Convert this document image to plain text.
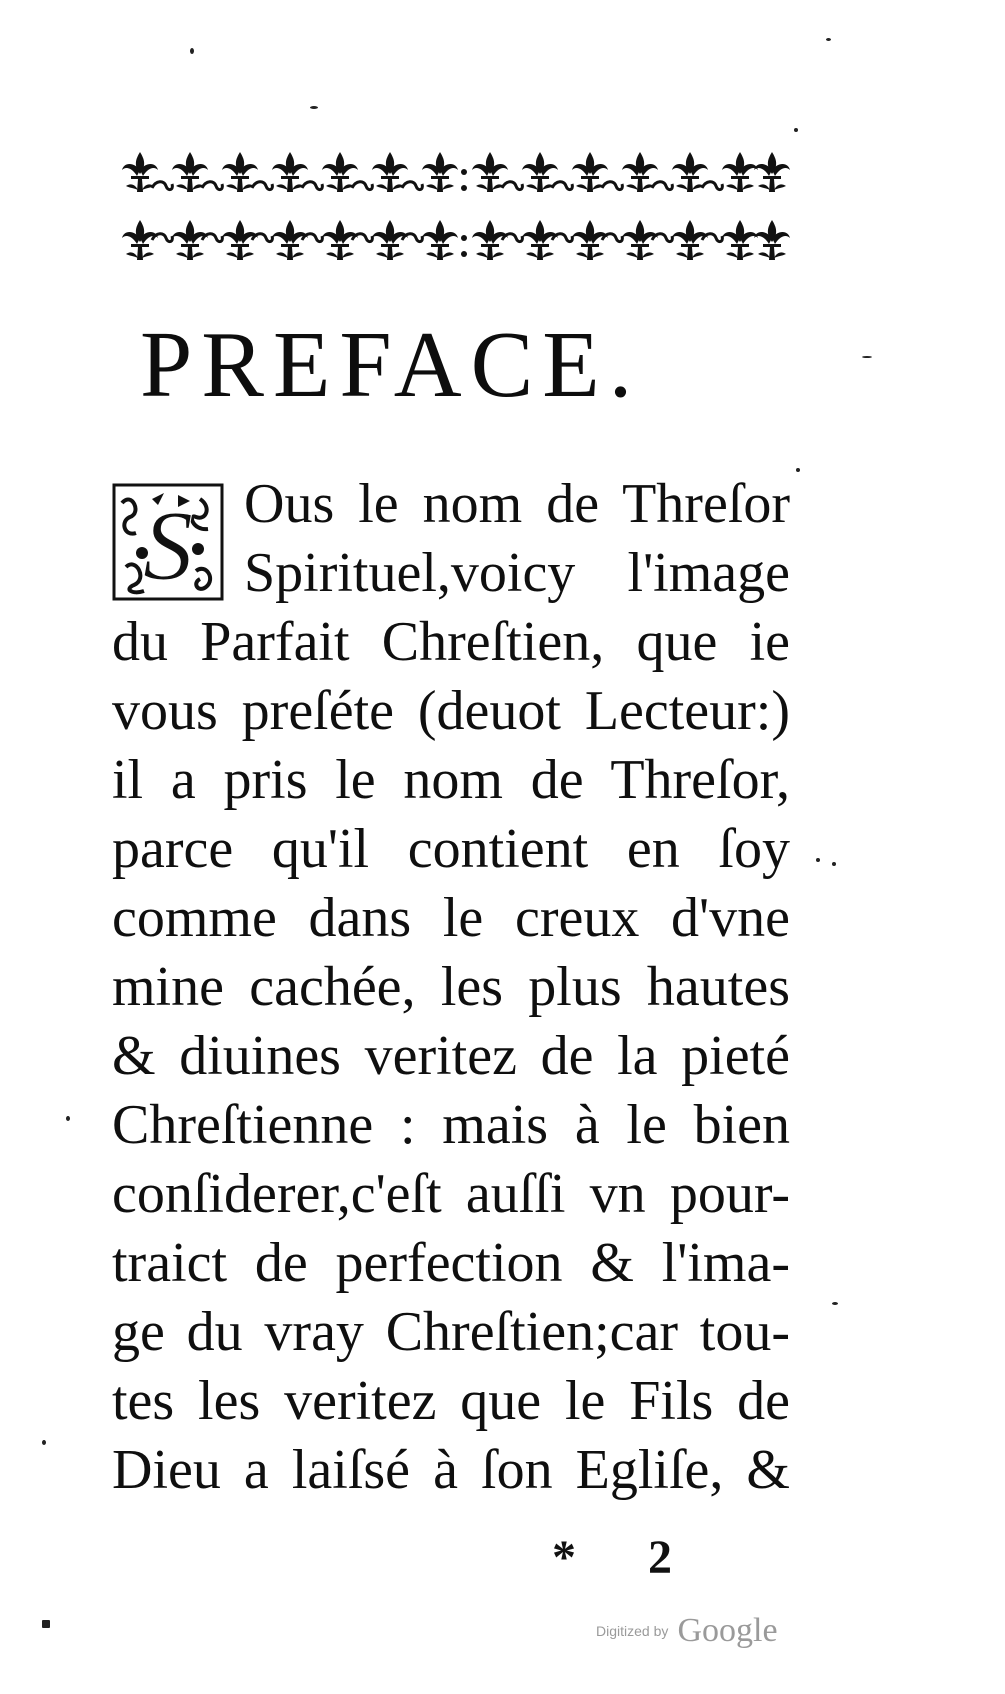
PREFACE.
S Ous le nom de Threſor
Spirituel,voicy l'image
du Parfait Chreſtien, que ie
vous preſéte (deuot Lecteur:)
il a pris le nom de Threſor,
parce qu'il contient en ſoy
comme dans le creux d'vne
mine cachée, les plus hautes
& diuines veritez de la pieté
Chreſtienne : mais à le bien
conſiderer,c'eſt auſſi vn pour-
traict de perfection & l'ima-
ge du vray Chreſtien;car tou-
tes les veritez que le Fils de
Dieu a laiſsé à ſon Egliſe, &
* 2
Digitized by Google
